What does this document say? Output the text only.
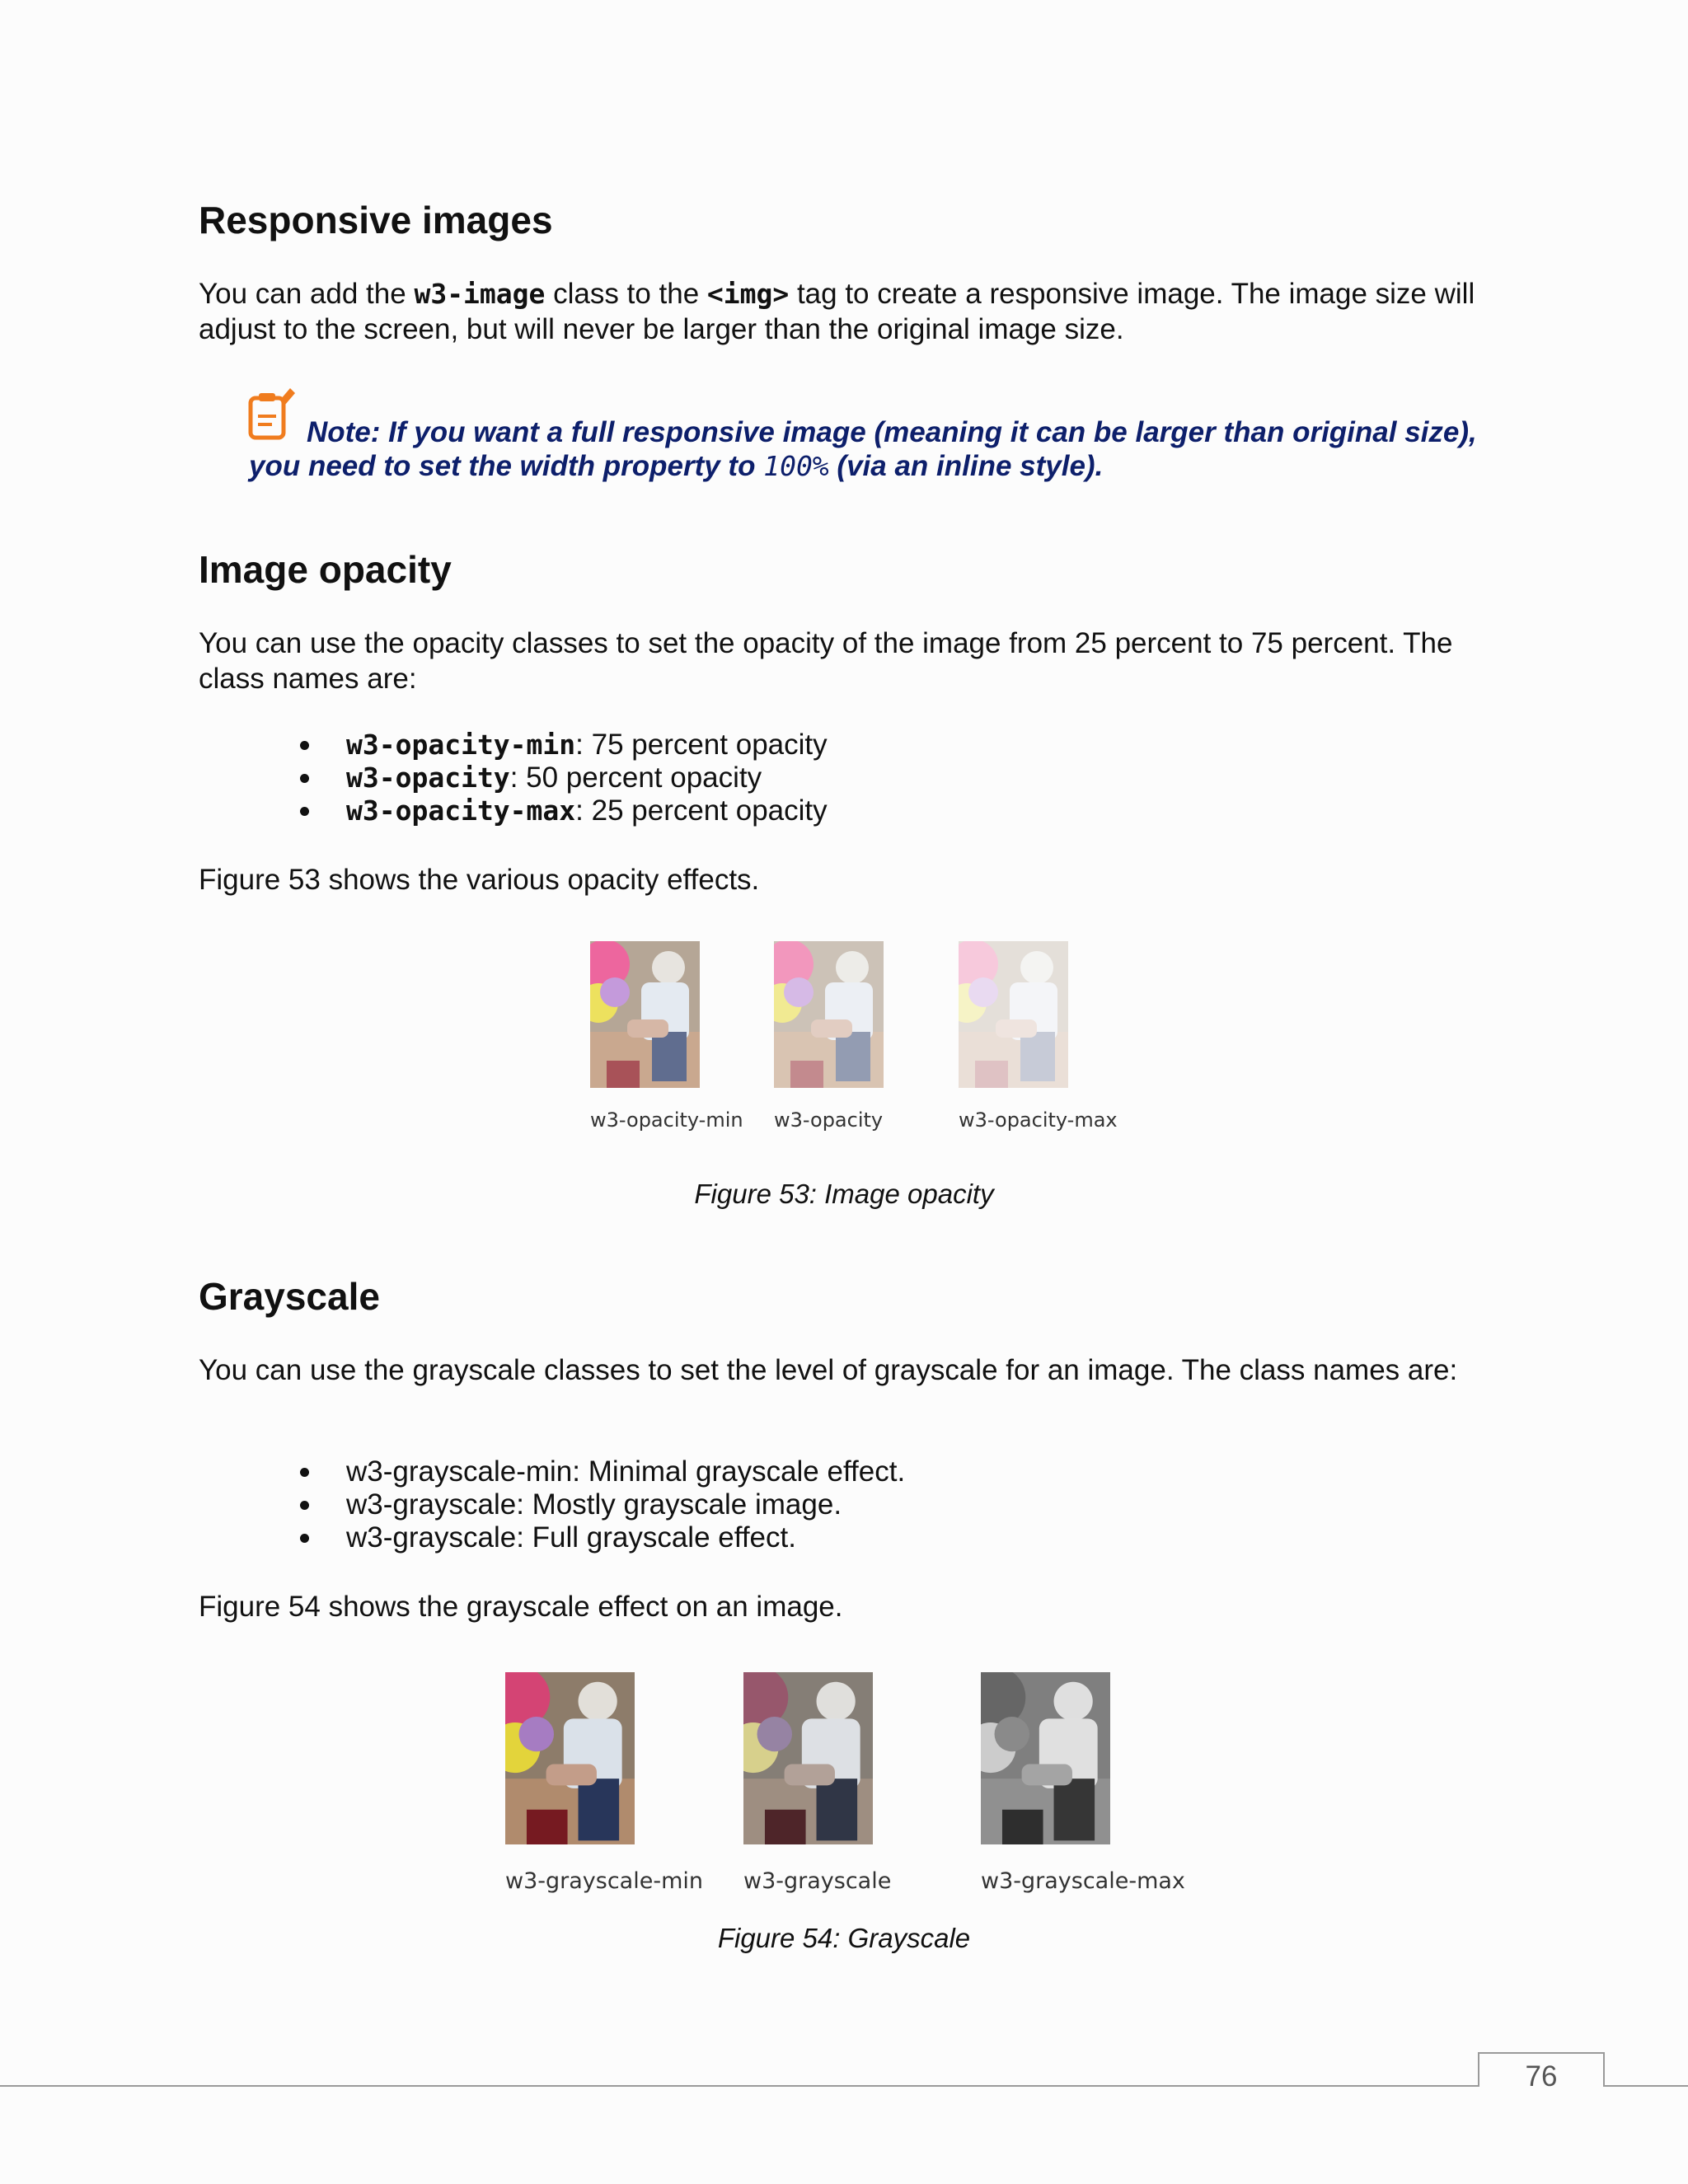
Responsive images

You can add the w3-image class to the <img> tag to create a responsive image. The image size will adjust to the screen, but will never be larger than the original image size.

Note: If you want a full responsive image (meaning it can be larger than original size), you need to set the width property to 100% (via an inline style).
Image opacity

You can use the opacity classes to set the opacity of the image from 25 percent to 75 percent. The class names are:

w3-opacity-min: 75 percent opacity
w3-opacity: 50 percent opacity
w3-opacity-max: 25 percent opacity

Figure 53 shows the various opacity effects.

w3-opacity-min w3-opacity	w3-opacity-max
Figure 53: Image opacity
Grayscale

You can use the grayscale classes to set the level of grayscale for an image. The class names are:

w3-grayscale-min: Minimal grayscale effect.
w3-grayscale: Mostly grayscale image.
w3-grayscale: Full grayscale effect.

Figure 54 shows the grayscale effect on an image.

w3-grayscale-min w3-grayscale	w3-grayscale-max
Figure 54: Grayscale
76
